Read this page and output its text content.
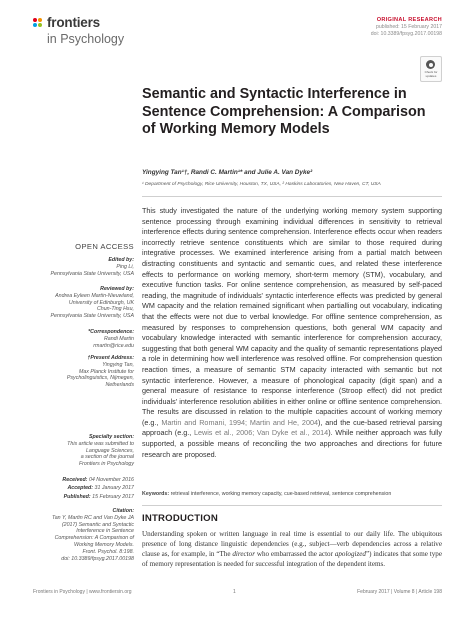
frontiers
in Psychology
ORIGINAL RESEARCH
published: 15 February 2017
doi: 10.3389/fpsyg.2017.00198
Check for updates
Semantic and Syntactic Interference in Sentence Comprehension: A Comparison of Working Memory Models
Yingying Tan¹†, Randi C. Martin¹* and Julie A. Van Dyke²
¹ Department of Psychology, Rice University, Houston, TX, USA, ² Haskins Laboratories, New Haven, CT, USA
This study investigated the nature of the underlying working memory system supporting sentence processing through examining individual differences in sensitivity to retrieval interference effects during sentence comprehension. Interference effects occur when readers incorrectly retrieve sentence constituents which are similar to those required during integrative processes. We examined interference arising from a partial match between distracting constituents and syntactic and semantic cues, and related these interference effects to performance on working memory, short-term memory (STM), vocabulary, and executive function tasks. For online sentence comprehension, as measured by self-paced reading, the magnitude of individuals' syntactic interference effects was predicted by general WM capacity and the relation remained significant when partialling out vocabulary, indicating that the effects were not due to verbal knowledge. For offline sentence comprehension, as measured by responses to comprehension questions, both general WM capacity and vocabulary knowledge interacted with semantic interference for comprehension accuracy, suggesting that both general WM capacity and the quality of semantic representations played a role in determining how well interference was resolved offline. For comprehension question reaction times, a measure of semantic STM capacity interacted with semantic but not syntactic interference. However, a measure of phonological capacity (digit span) and a general measure of resistance to response interference (Stroop effect) did not predict individuals' interference resolution abilities in either online or offline sentence comprehension. The results are discussed in relation to the multiple capacities account of working memory (e.g., Martin and Romani, 1994; Martin and He, 2004), and the cue-based retrieval parsing approach (e.g., Lewis et al., 2006; Van Dyke et al., 2014). While neither approach was fully supported, a possible means of reconciling the two approaches and directions for future research are proposed.
Keywords: retrieval interference, working memory capacity, cue-based retrieval, sentence comprehension
INTRODUCTION
Understanding spoken or written language in real time is essential to our daily life. The ubiquitous presence of long distance linguistic dependencies (e.g., subject—verb dependencies across a relative clause as, for example, in “The director who embarrassed the actor apologized”) indicates that some type of memory representation is needed for successful integration of the dependent items.
OPEN ACCESS
Edited by:
Ping Li,
Pennsylvania State University, USA
Reviewed by:
Andrea Eyleen Martin-Nieuwland,
University of Edinburgh, UK
Chun-Ting Hsu,
Pennsylvania State University, USA
*Correspondence:
Randi Martin
rmartin@rice.edu
†Present Address:
Yingying Tan,
Max Planck Institute for
Psycholinguistics, Nijmegen,
Netherlands
Specialty section:
This article was submitted to
Language Sciences,
a section of the journal
Frontiers in Psychology
Received: 04 November 2016
Accepted: 31 January 2017
Published: 15 February 2017
Citation:
Tan Y, Martin RC and Van Dyke JA
(2017) Semantic and Syntactic
Interference in Sentence
Comprehension: A Comparison of
Working Memory Models.
Front. Psychol. 8:198.
doi: 10.3389/fpsyg.2017.00198
Frontiers in Psychology | www.frontiersin.org	1	February 2017 | Volume 8 | Article 198
